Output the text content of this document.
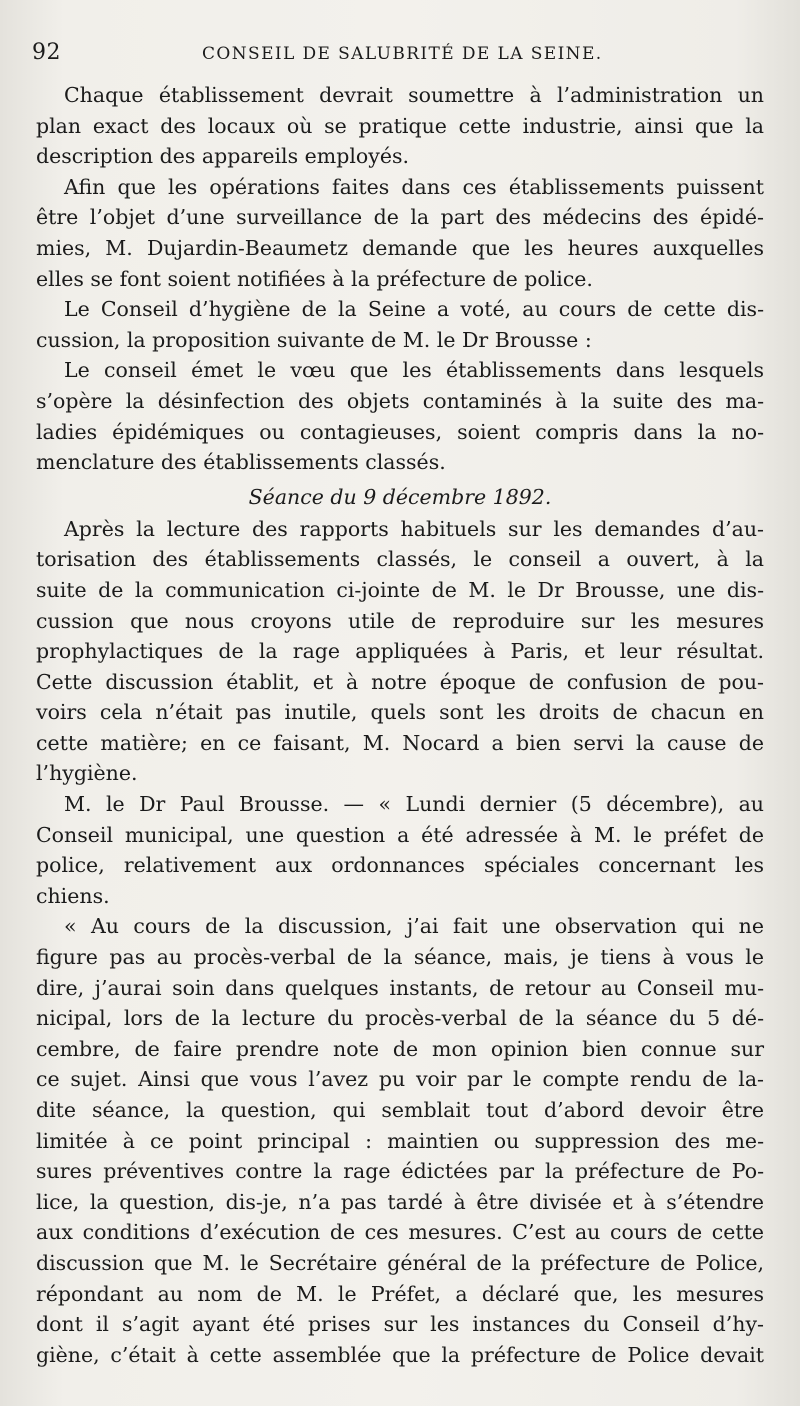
92	CONSEIL DE SALUBRITÉ DE LA SEINE.
Chaque établissement devrait soumettre à l’administration un
plan exact des locaux où se pratique cette industrie, ainsi que la
description des appareils employés.
Afin que les opérations faites dans ces établissements puissent
être l’objet d’une surveillance de la part des médecins des épidé-
mies, M. Dujardin-Beaumetz demande que les heures auxquelles
elles se font soient notifiées à la préfecture de police.
Le Conseil d’hygiène de la Seine a voté, au cours de cette dis-
cussion, la proposition suivante de M. le Dr Brousse :
Le conseil émet le vœu que les établissements dans lesquels
s’opère la désinfection des objets contaminés à la suite des ma-
ladies épidémiques ou contagieuses, soient compris dans la no-
menclature des établissements classés.
Séance du 9 décembre 1892.
Après la lecture des rapports habituels sur les demandes d’au-
torisation des établissements classés, le conseil a ouvert, à la
suite de la communication ci-jointe de M. le Dr Brousse, une dis-
cussion que nous croyons utile de reproduire sur les mesures
prophylactiques de la rage appliquées à Paris, et leur résultat.
Cette discussion établit, et à notre époque de confusion de pou-
voirs cela n’était pas inutile, quels sont les droits de chacun en
cette matière; en ce faisant, M. Nocard a bien servi la cause de
l’hygiène.
M. le Dr Paul Brousse. — « Lundi dernier (5 décembre), au
Conseil municipal, une question a été adressée à M. le préfet de
police, relativement aux ordonnances spéciales concernant les
chiens.
« Au cours de la discussion, j’ai fait une observation qui ne
figure pas au procès-verbal de la séance, mais, je tiens à vous le
dire, j’aurai soin dans quelques instants, de retour au Conseil mu-
nicipal, lors de la lecture du procès-verbal de la séance du 5 dé-
cembre, de faire prendre note de mon opinion bien connue sur
ce sujet. Ainsi que vous l’avez pu voir par le compte rendu de la-
dite séance, la question, qui semblait tout d’abord devoir être
limitée à ce point principal : maintien ou suppression des me-
sures préventives contre la rage édictées par la préfecture de Po-
lice, la question, dis-je, n’a pas tardé à être divisée et à s’étendre
aux conditions d’exécution de ces mesures. C’est au cours de cette
discussion que M. le Secrétaire général de la préfecture de Police,
répondant au nom de M. le Préfet, a déclaré que, les mesures
dont il s’agit ayant été prises sur les instances du Conseil d’hy-
giène, c’était à cette assemblée que la préfecture de Police devait
